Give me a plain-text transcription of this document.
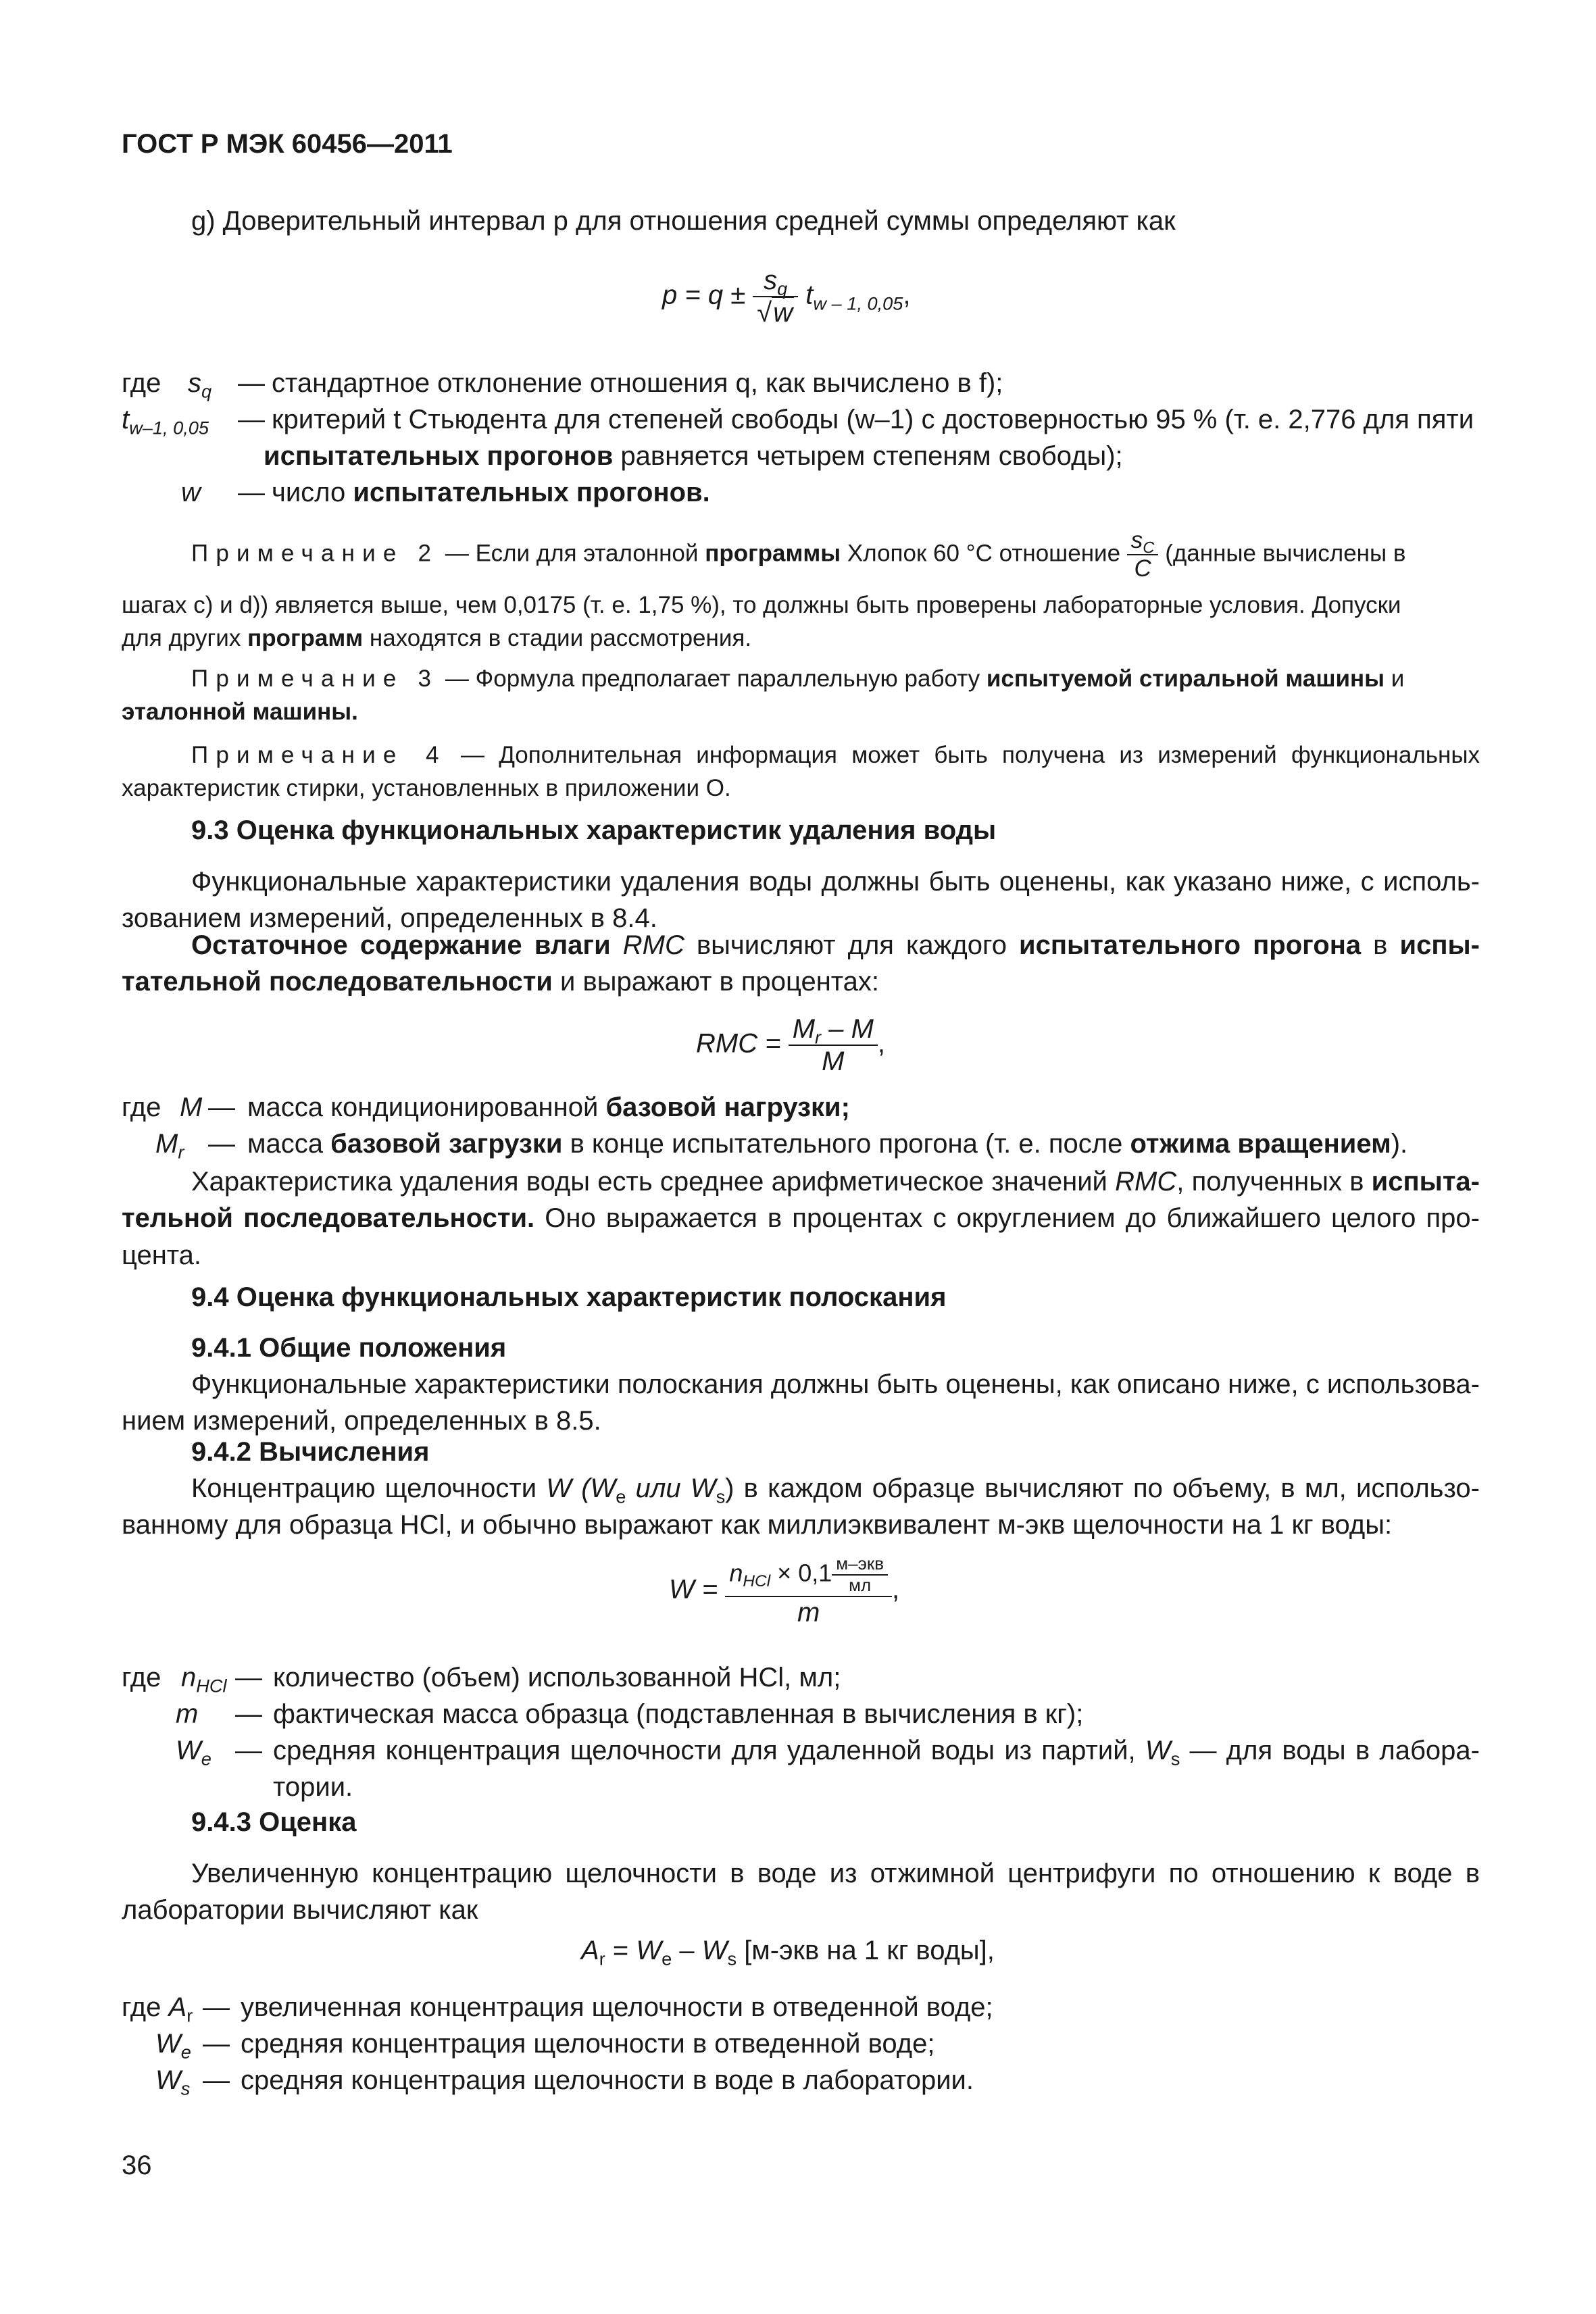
ГОСТ Р МЭК 60456—2011
g) Доверительный интервал p для отношения средней суммы определяют как
$p = q \pm \frac{s_q}{√w} t_{w - 1, 0,05}$,
где $s_q$ — стандартное отклонение отношения q, как вычислено в f);
$t_{w-1, 0,05}$ — критерий t Стьюдента для степеней свободы (w–1) с достоверностью 95 % (т. е. 2,776 для пяти
испытательных прогонов равняется четырем степеням свободы);
w — число испытательных прогонов.
Примечание 2 — Если для эталонной программы Хлопок 60 °С отношение $\frac{s_C}{C}$ (данные вычислены в
шагах с) и d)) является выше, чем 0,0175 (т. е. 1,75 %), то должны быть проверены лабораторные условия. Допуски
для других программ находятся в стадии рассмотрения.
Примечание 3 — Формула предполагает параллельную работу испытуемой стиральной машины и
эталонной машины.
Примечание 4 — Дополнительная информация может быть получена из измерений функциональных характеристик стирки, установленных в приложении О.
9.3 Оценка функциональных характеристик удаления воды
Функциональные характеристики удаления воды должны быть оценены, как указано ниже, с использованием измерений, определенных в 8.4.
Остаточное содержание влаги RMC вычисляют для каждого испытательного прогона в испытательной последовательности и выражают в процентах:
RMC = $\frac{M_r - M}{M}$ ,
где M — масса кондиционированной базовой нагрузки;
$M_r$ — масса базовой загрузки в конце испытательного прогона (т. е. после отжима вращением).
Характеристика удаления воды есть среднее арифметическое значений RMC, полученных в испытательной последовательности. Оно выражается в процентах с округлением до ближайшего целого процента.
9.4 Оценка функциональных характеристик полоскания
9.4.1 Общие положения
Функциональные характеристики полоскания должны быть оценены, как описано ниже, с использованием измерений, определенных в 8.5.
9.4.2 Вычисления
Концентрацию щелочности W ($W_e$ или $W_s$) в каждом образце вычисляют по объему, в мл, использованному для образца HCl, и обычно выражают как миллиэквивалент м-экв щелочности на 1 кг воды:
$W = \frac{n_{HCl} \times 0,1 \frac{\text{м–экв}}{мл}}{m}$ ,
где $n_{HCl}$ — количество (объем) использованной HCl, мл;
m — фактическая масса образца (подставленная в вычисления в кг);
$W_e$ — средняя концентрация щелочности для удаленной воды из партий, $W_s$ — для воды в лаборатории.
9.4.3 Оценка
Увеличенную концентрацию щелочности в воде из отжимной центрифуги по отношению к воде в лаборатории вычисляют как
$A_r = W_e - W_s$ [м-экв на 1 кг воды],
где $A_r$ — увеличенная концентрация щелочности в отведенной воде;
$W_e$ — средняя концентрация щелочности в отведенной воде;
$W_s$ — средняя концентрация щелочности в воде в лаборатории.
36
